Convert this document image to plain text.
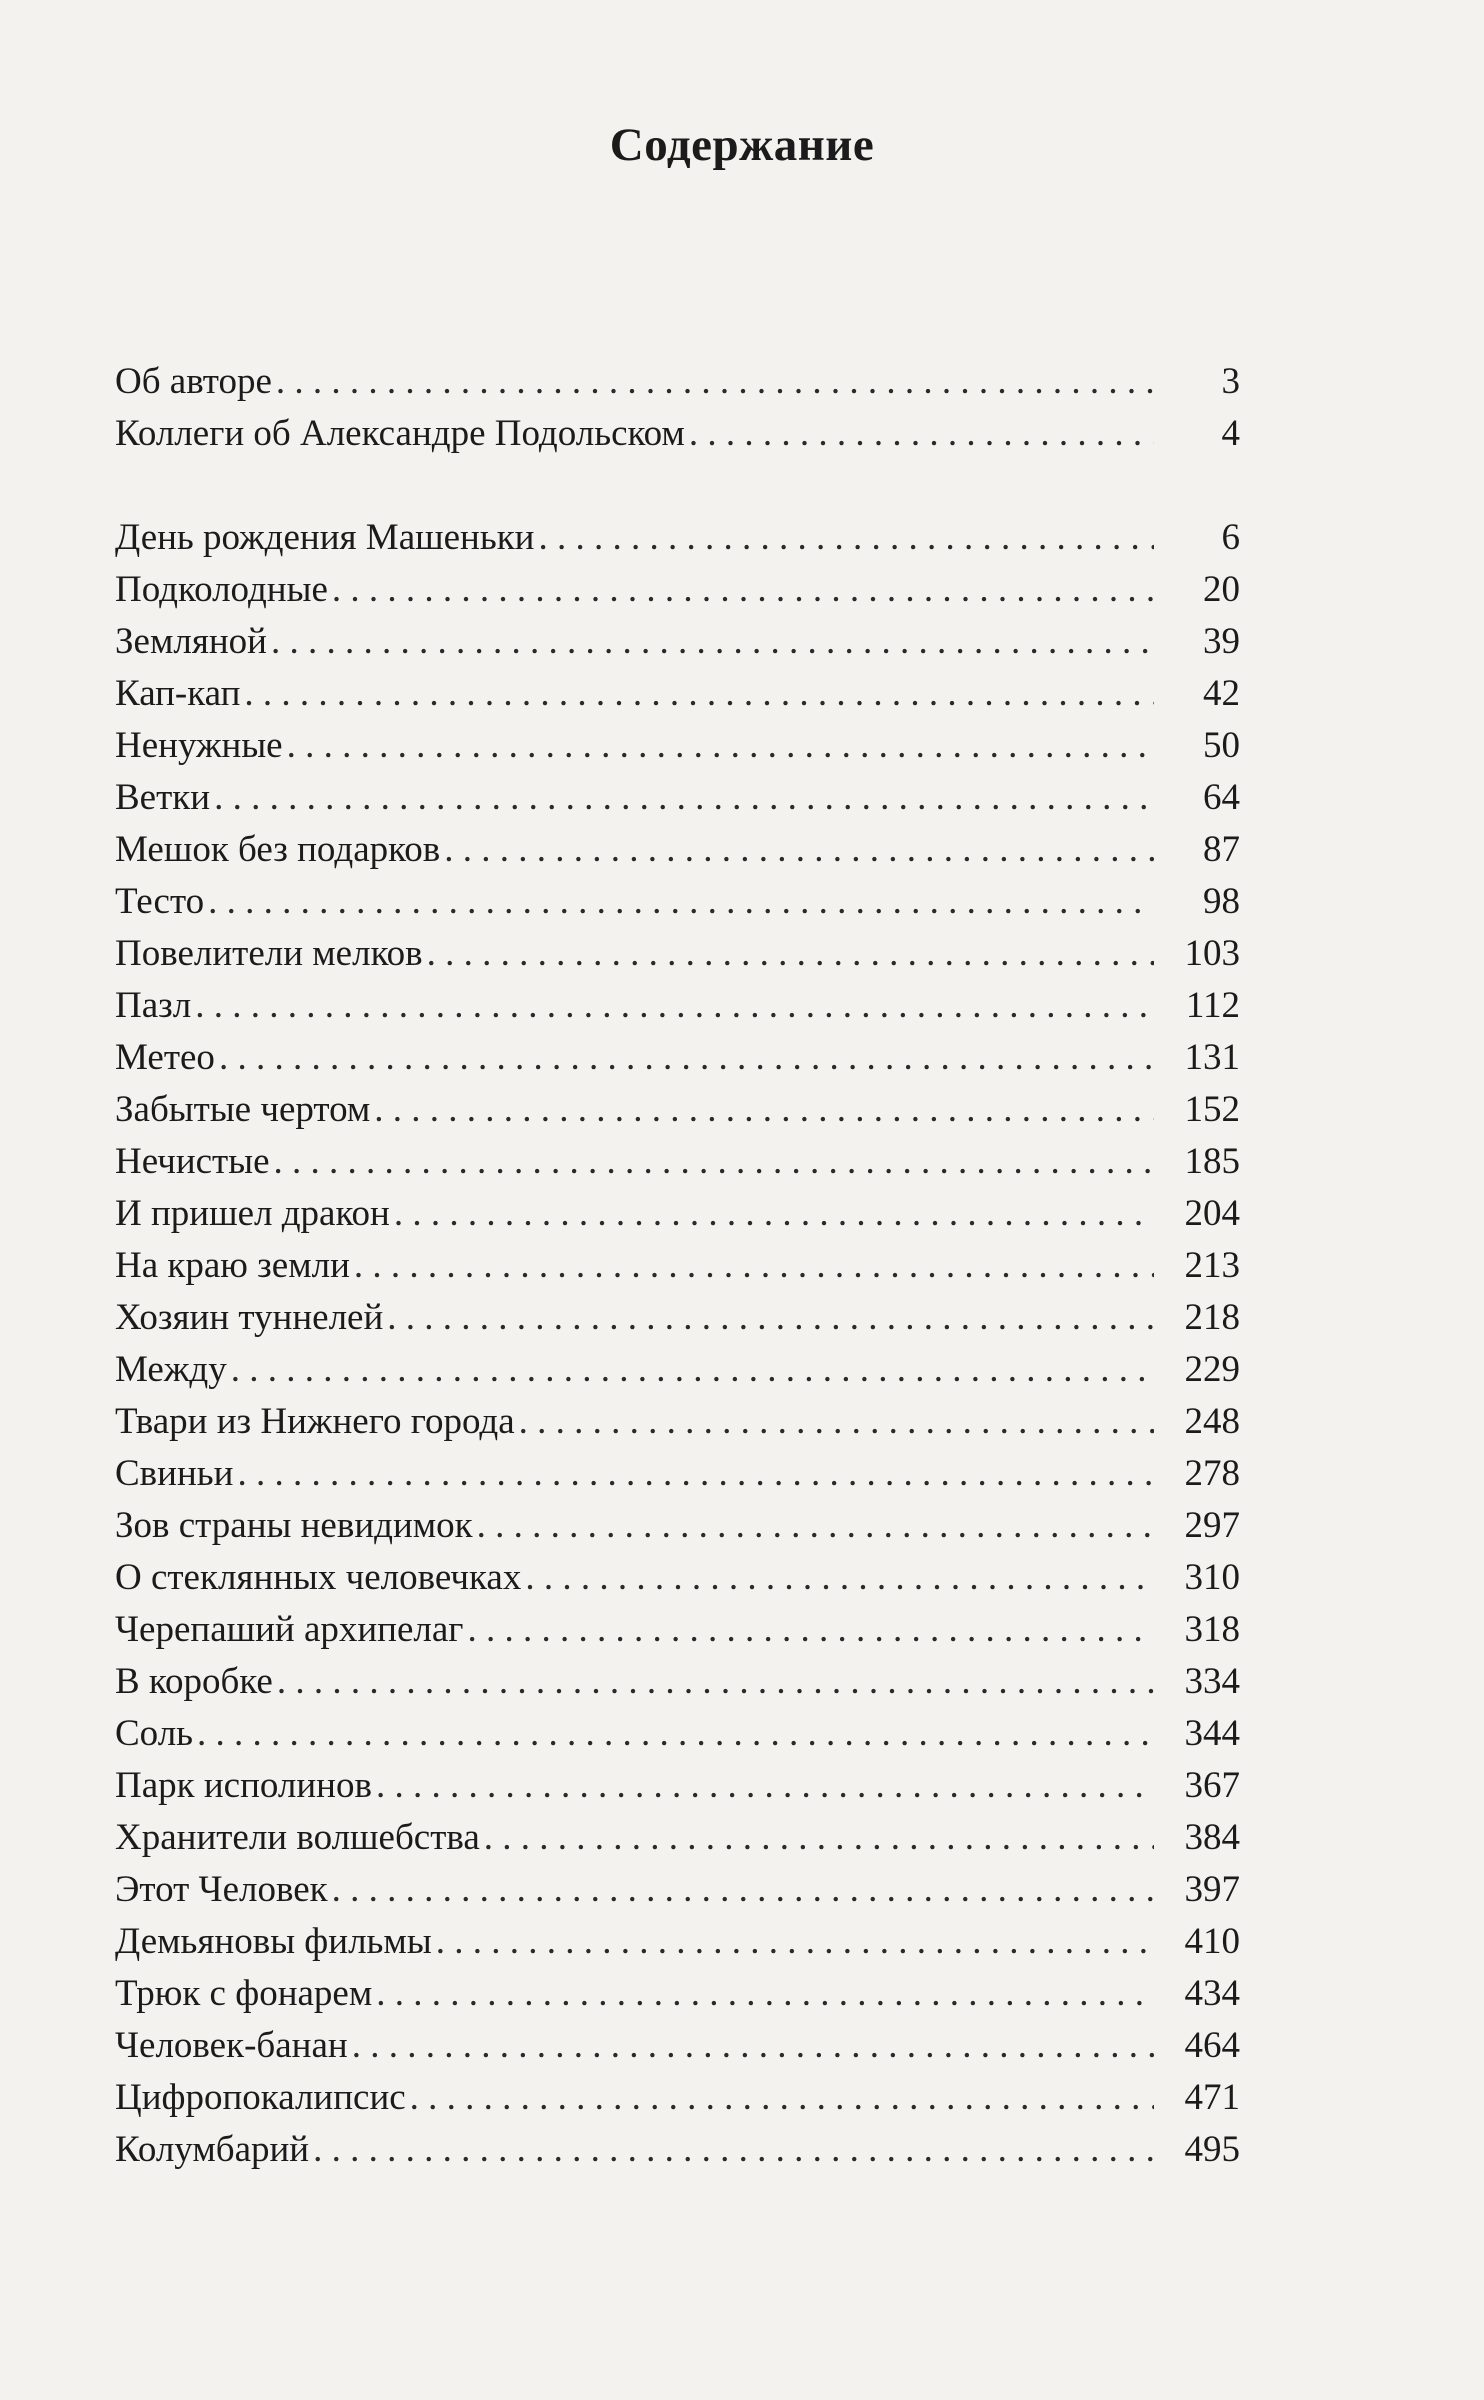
Содержание
Об авторе . . .	3
Коллеги об Александре Подольском . . .	4
День рождения Машеньки . . .	6
Подколодные . . .	20
Земляной . . .	39
Кап-кап . . .	42
Ненужные . . .	50
Ветки . . .	64
Мешок без подарков . . .	87
Тесто . . .	98
Повелители мелков . . .	103
Пазл . . .	112
Метео . . .	131
Забытые чертом . . .	152
Нечистые . . .	185
И пришел дракон . . .	204
На краю земли . . .	213
Хозяин туннелей . . .	218
Между . . .	229
Твари из Нижнего города . . .	248
Свиньи . . .	278
Зов страны невидимок . . .	297
О стеклянных человечках . . .	310
Черепаший архипелаг . . .	318
В коробке . . .	334
Соль . . .	344
Парк исполинов . . .	367
Хранители волшебства . . .	384
Этот Человек . . .	397
Демьяновы фильмы . . .	410
Трюк с фонарем . . .	434
Человек-банан . . .	464
Цифропокалипсис . . .	471
Колумбарий . . .	495
